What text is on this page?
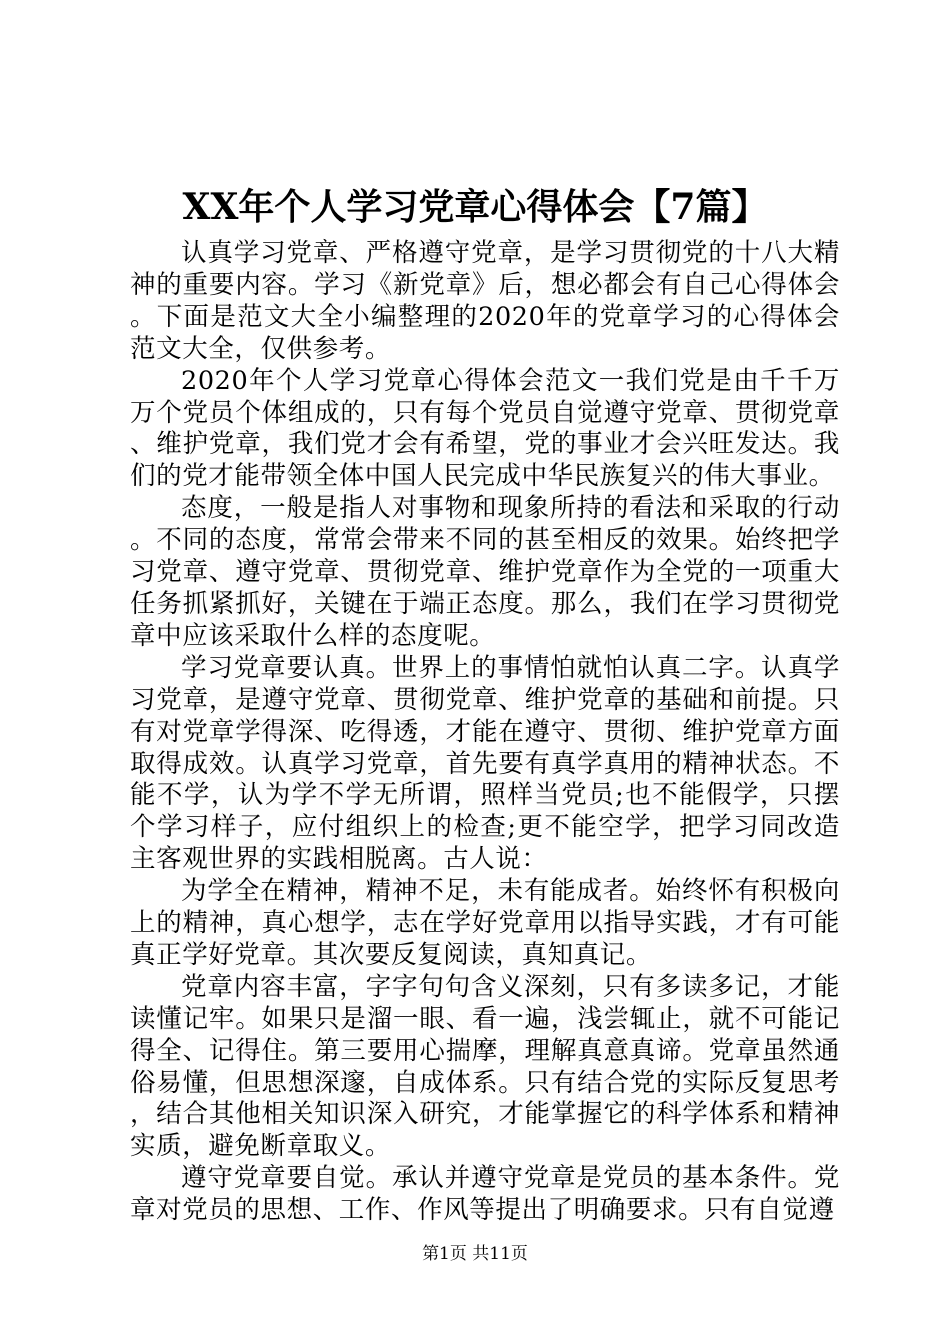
XX年个人学习党章心得体会【7篇】

认真学习党章、严格遵守党章，是学习贯彻党的十八大精神的重要内容。学习《新党章》后，想必都会有自己心得体会。下面是范文大全小编整理的2020年的党章学习的心得体会范文大全，仅供参考。

2020年个人学习党章心得体会范文一我们党是由千千万万个党员个体组成的，只有每个党员自觉遵守党章、贯彻党章、维护党章，我们党才会有希望，党的事业才会兴旺发达。我们的党才能带领全体中国人民完成中华民族复兴的伟大事业。

态度，一般是指人对事物和现象所持的看法和采取的行动。不同的态度，常常会带来不同的甚至相反的效果。始终把学习党章、遵守党章、贯彻党章、维护党章作为全党的一项重大任务抓紧抓好，关键在于端正态度。那么，我们在学习贯彻党章中应该采取什么样的态度呢。

学习党章要认真。世界上的事情怕就怕认真二字。认真学习党章，是遵守党章、贯彻党章、维护党章的基础和前提。只有对党章学得深、吃得透，才能在遵守、贯彻、维护党章方面取得成效。认真学习党章，首先要有真学真用的精神状态。不能不学，认为学不学无所谓，照样当党员;也不能假学，只摆个学习样子，应付组织上的检查;更不能空学，把学习同改造主客观世界的实践相脱离。古人说：

为学全在精神，精神不足，未有能成者。始终怀有积极向上的精神，真心想学，志在学好党章用以指导实践，才有可能真正学好党章。其次要反复阅读，真知真记。

党章内容丰富，字字句句含义深刻，只有多读多记，才能读懂记牢。如果只是溜一眼、看一遍，浅尝辄止，就不可能记得全、记得住。第三要用心揣摩，理解真意真谛。党章虽然通俗易懂，但思想深邃，自成体系。只有结合党的实际反复思考，结合其他相关知识深入研究，才能掌握它的科学体系和精神实质，避免断章取义。

遵守党章要自觉。承认并遵守党章是党员的基本条件。党章对党员的思想、工作、作风等提出了明确要求。只有自觉遵

第1页 共11页
